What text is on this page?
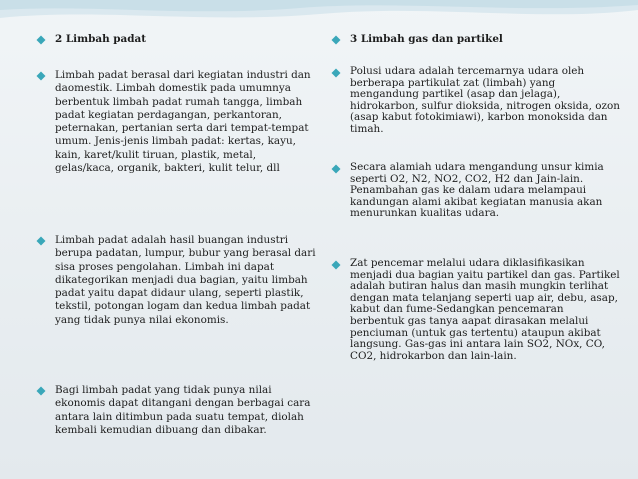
2 Limbah padat
Limbah padat berasal dari kegiatan industri dan daomestik. Limbah domestik pada umumnya berbentuk limbah padat rumah tangga, limbah padat kegiatan perdagangan, perkantoran, peternakan, pertanian serta dari tempat-tempat umum. Jenis-jenis limbah padat: kertas, kayu, kain, karet/kulit tiruan, plastik, metal, gelas/kaca, organik, bakteri, kulit telur, dll
Limbah padat adalah hasil buangan industri berupa padatan, lumpur, bubur yang berasal dari sisa proses pengolahan. Limbah ini dapat dikategorikan menjadi dua bagian, yaitu limbah padat yaitu dapat didaur ulang, seperti plastik, tekstil, potongan logam dan kedua limbah padat yang tidak punya nilai ekonomis.
Bagi limbah padat yang tidak punya nilai ekonomis dapat ditangani dengan berbagai cara antara lain ditimbun pada suatu tempat, diolah kembali kemudian dibuang dan dibakar.
3 Limbah gas dan partikel
Polusi udara adalah tercemarnya udara oleh berberapa partikulat zat (limbah) yang mengandung partikel (asap dan jelaga), hidrokarbon, sulfur dioksida, nitrogen oksida, ozon (asap kabut fotokimiawi), karbon monoksida dan timah.
Secara alamiah udara mengandung unsur kimia seperti O2, N2, NO2, CO2, H2 dan Jain-lain. Penambahan gas ke dalam udara melampaui kandungan alami akibat kegiatan manusia akan menurunkan kualitas udara.
Zat pencemar melalui udara diklasifikasikan menjadi dua bagian yaitu partikel dan gas. Partikel adalah butiran halus dan masih mungkin terlihat dengan mata telanjang seperti uap air, debu, asap, kabut dan fume-Sedangkan pencemaran berbentuk gas tanya aapat dirasakan melalui penciuman (untuk gas tertentu) ataupun akibat langsung. Gas-gas ini antara lain SO2, NOx, CO, CO2, hidrokarbon dan lain-lain.
